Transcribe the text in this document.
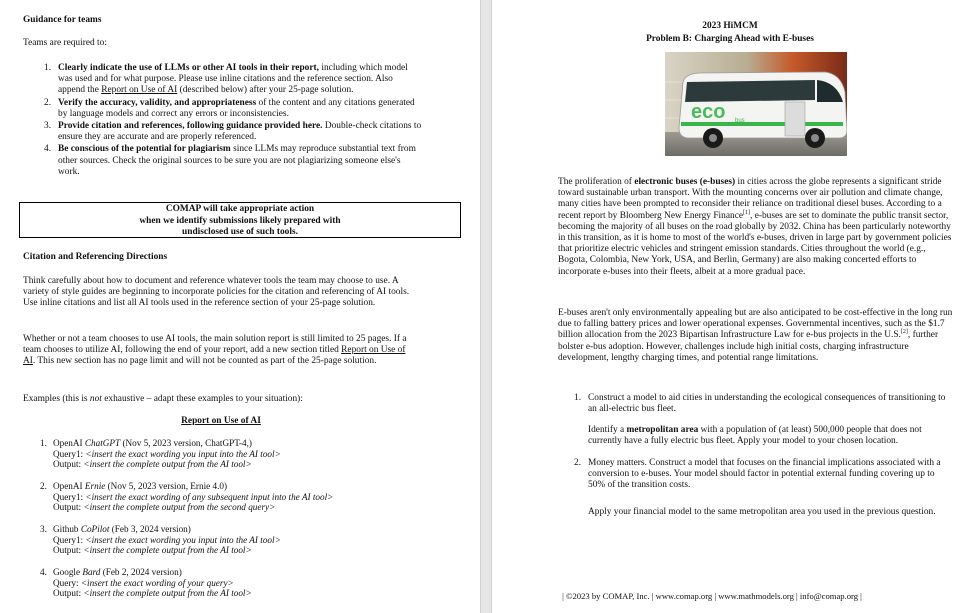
Guidance for teams
Teams are required to:
1. Clearly indicate the use of LLMs or other AI tools in their report, including which model was used and for what purpose. Please use inline citations and the reference section. Also append the Report on Use of AI (described below) after your 25-page solution.
2. Verify the accuracy, validity, and appropriateness of the content and any citations generated by language models and correct any errors or inconsistencies.
3. Provide citation and references, following guidance provided here. Double-check citations to ensure they are accurate and are properly referenced.
4. Be conscious of the potential for plagiarism since LLMs may reproduce substantial text from other sources. Check the original sources to be sure you are not plagiarizing someone else's work.
COMAP will take appropriate action
when we identify submissions likely prepared with
undisclosed use of such tools.
Citation and Referencing Directions
Think carefully about how to document and reference whatever tools the team may choose to use. A variety of style guides are beginning to incorporate policies for the citation and referencing of AI tools. Use inline citations and list all AI tools used in the reference section of your 25-page solution.
Whether or not a team chooses to use AI tools, the main solution report is still limited to 25 pages. If a team chooses to utilize AI, following the end of your report, add a new section titled Report on Use of AI. This new section has no page limit and will not be counted as part of the 25-page solution.
Examples (this is not exhaustive – adapt these examples to your situation):
Report on Use of AI
1. OpenAI ChatGPT (Nov 5, 2023 version, ChatGPT-4,)
Query1: <insert the exact wording you input into the AI tool>
Output: <insert the complete output from the AI tool>
2. OpenAI Ernie (Nov 5, 2023 version, Ernie 4.0)
Query1: <insert the exact wording of any subsequent input into the AI tool>
Output: <insert the complete output from the second query>
3. Github CoPilot (Feb 3, 2024 version)
Query1: <insert the exact wording you input into the AI tool>
Output: <insert the complete output from the AI tool>
4. Google Bard (Feb 2, 2024 version)
Query: <insert the exact wording of your query>
Output: <insert the complete output from the AI tool>
2023 HiMCM
Problem B: Charging Ahead with E-buses
eco bus
The proliferation of electronic buses (e-buses) in cities across the globe represents a significant stride toward sustainable urban transport. With the mounting concerns over air pollution and climate change, many cities have been prompted to reconsider their reliance on traditional diesel buses. According to a recent report by Bloomberg New Energy Finance[1], e-buses are set to dominate the public transit sector, becoming the majority of all buses on the road globally by 2032. China has been particularly noteworthy in this transition, as it is home to most of the world's e-buses, driven in large part by government policies that prioritize electric vehicles and stringent emission standards. Cities throughout the world (e.g., Bogota, Colombia, New York, USA, and Berlin, Germany) are also making concerted efforts to incorporate e-buses into their fleets, albeit at a more gradual pace.
E-buses aren't only environmentally appealing but are also anticipated to be cost-effective in the long run due to falling battery prices and lower operational expenses. Governmental incentives, such as the $1.7 billion allocation from the 2023 Bipartisan Infrastructure Law for e-bus projects in the U.S.[2], further bolster e-bus adoption. However, challenges include high initial costs, charging infrastructure development, lengthy charging times, and potential range limitations.
1. Construct a model to aid cities in understanding the ecological consequences of transitioning to an all-electric bus fleet.
Identify a metropolitan area with a population of (at least) 500,000 people that does not currently have a fully electric bus fleet. Apply your model to your chosen location.
2. Money matters. Construct a model that focuses on the financial implications associated with a conversion to e-buses. Your model should factor in potential external funding covering up to 50% of the transition costs.
Apply your financial model to the same metropolitan area you used in the previous question.
| ©2023 by COMAP, Inc. | www.comap.org | www.mathmodels.org | info@comap.org |
